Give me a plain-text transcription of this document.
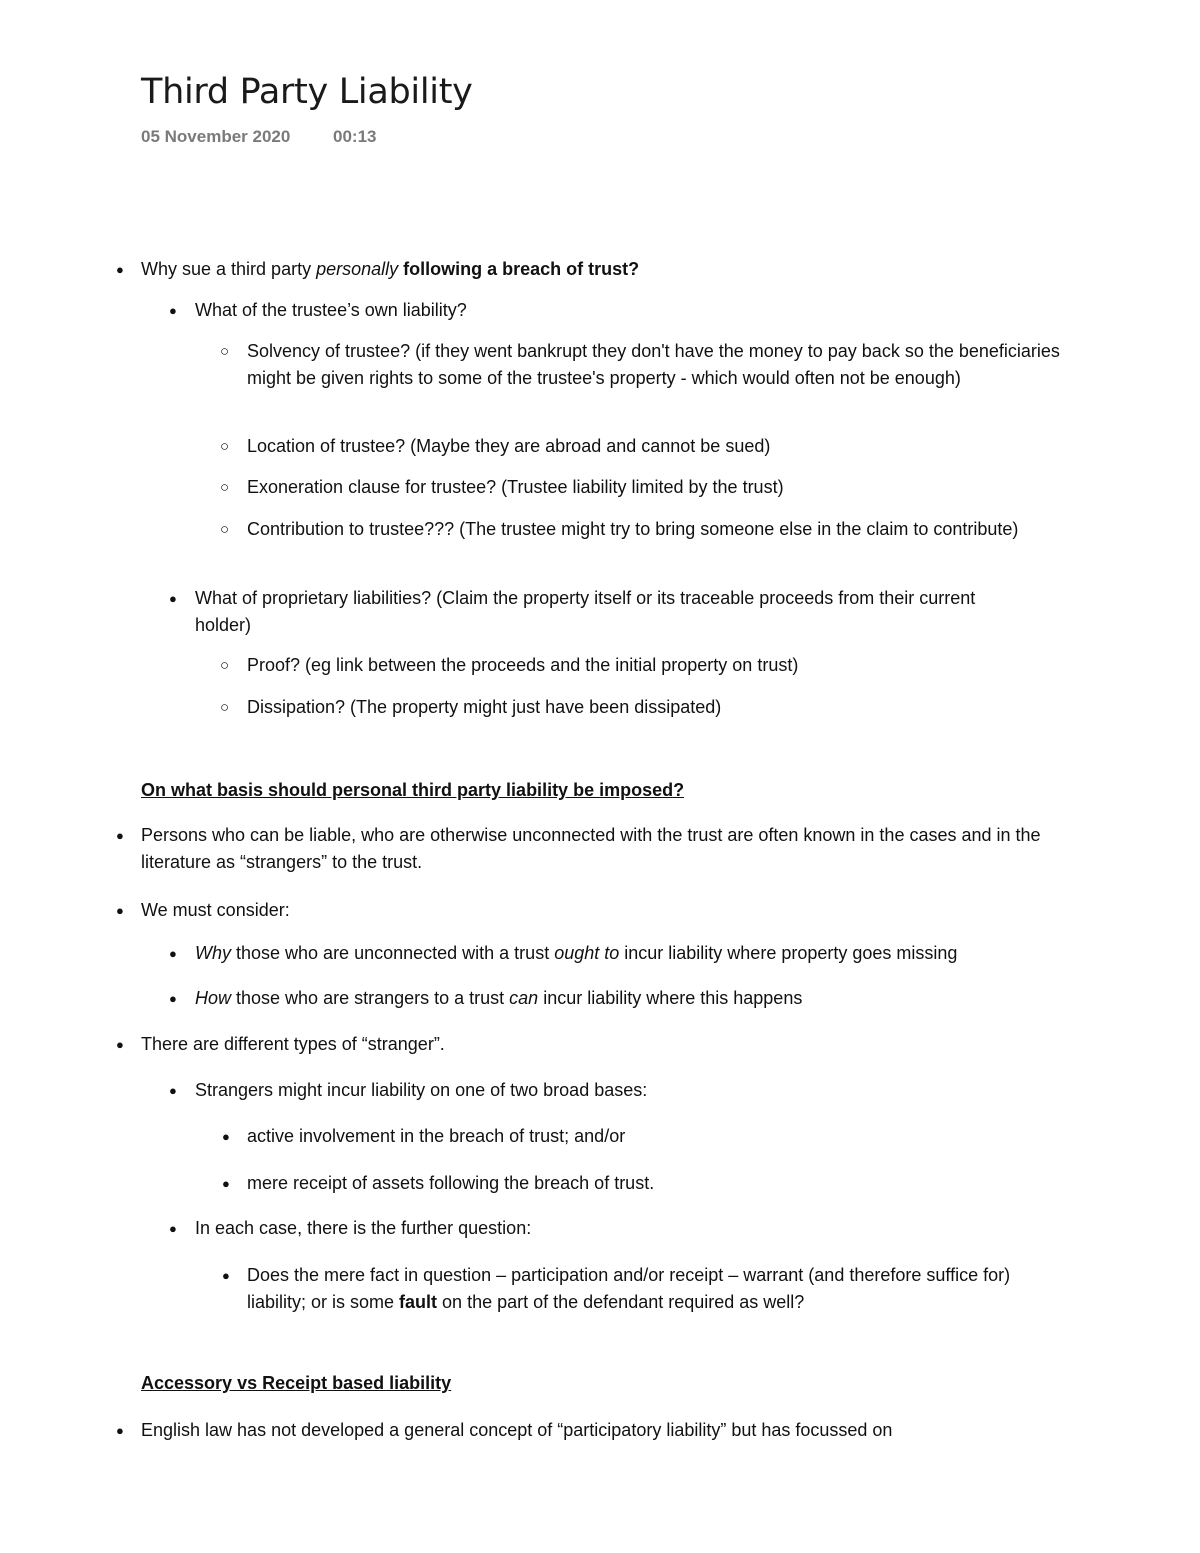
Third Party Liability
05 November 2020	00:13
●
Why sue a third party personally following a breach of trust?
●
What of the trustee’s own liability?
○
Solvency of trustee? (if they went bankrupt they don't have the money to pay back so the beneficiaries might be given rights to some of the trustee's property - which would often not be enough)
○
Location of trustee? (Maybe they are abroad and cannot be sued)
○
Exoneration clause for trustee? (Trustee liability limited by the trust)
○
Contribution to trustee??? (The trustee might try to bring someone else in the claim to contribute)
●
What of proprietary liabilities? (Claim the property itself or its traceable proceeds from their current holder)
○
Proof? (eg link between the proceeds and the initial property on trust)
○
Dissipation? (The property might just have been dissipated)
On what basis should personal third party liability be imposed?
●
Persons who can be liable, who are otherwise unconnected with the trust are often known in the cases and in the literature as “strangers” to the trust.
●
We must consider:
●
Why those who are unconnected with a trust ought to incur liability where property goes missing
●
How those who are strangers to a trust can incur liability where this happens
●
There are different types of “stranger”.
●
Strangers might incur liability on one of two broad bases:
●
active involvement in the breach of trust; and/or
●
mere receipt of assets following the breach of trust.
●
In each case, there is the further question:
●
Does the mere fact in question – participation and/or receipt – warrant (and therefore suffice for) liability; or is some fault on the part of the defendant required as well?
Accessory vs Receipt based liability
●
English law has not developed a general concept of “participatory liability” but has focussed on
